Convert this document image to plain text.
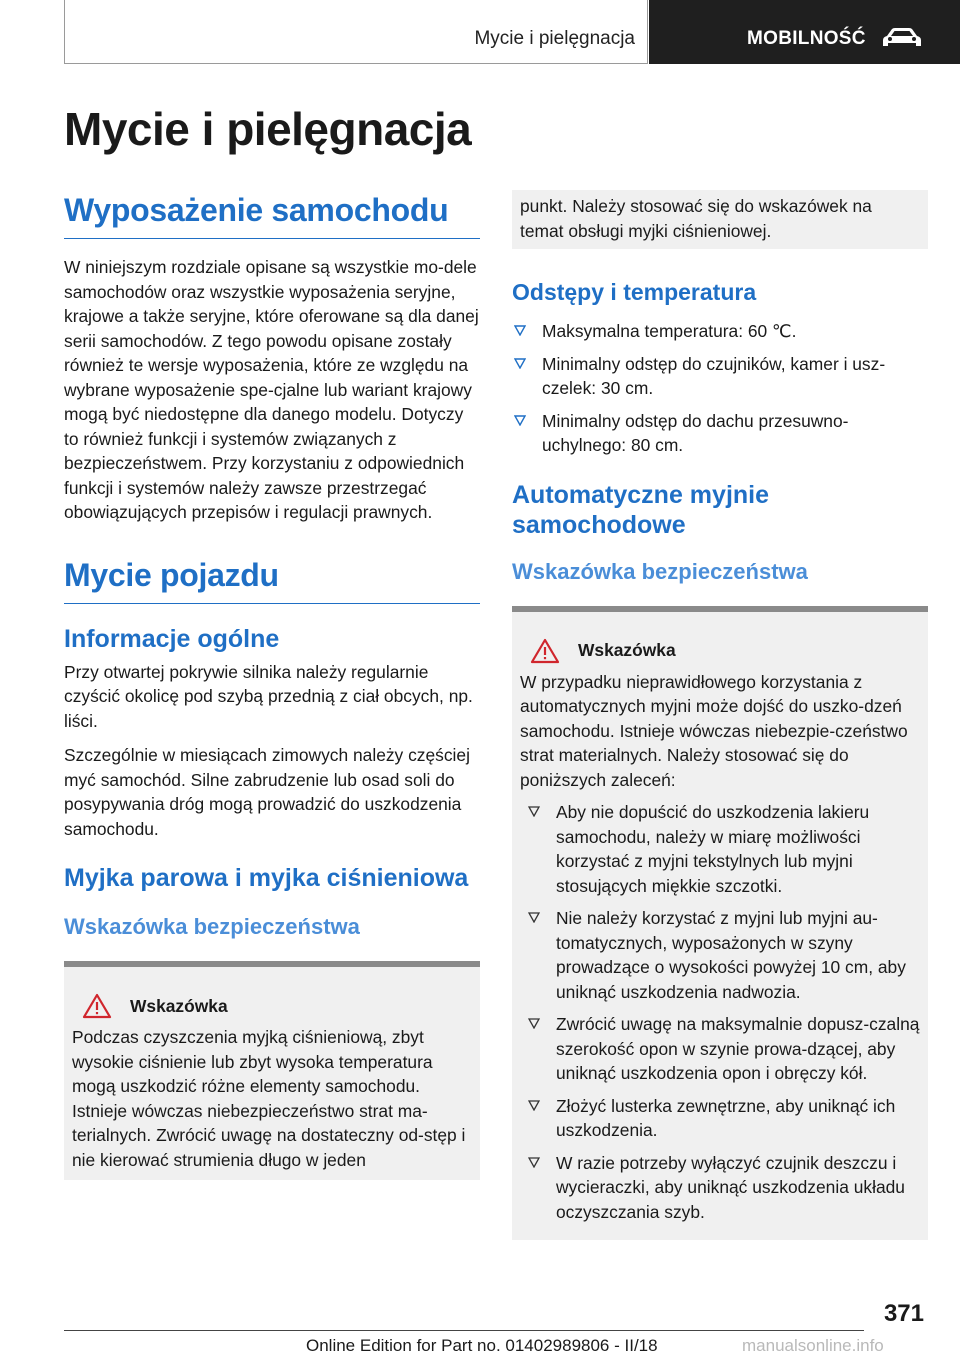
Mycie i pielęgnacja	MOBILNOŚĆ
Mycie i pielęgnacja
Wyposażenie samochodu

W niniejszym rozdziale opisane są wszystkie mo-dele samochodów oraz wszystkie wyposażenia seryjne, krajowe a także seryjne, które oferowane są dla danej serii samochodów. Z tego powodu opisane zostały również te wersje wyposażenia, które ze względu na wybrane wyposażenie spe-cjalne lub wariant krajowy mogą być niedostępne dla danego modelu. Dotyczy to również funkcji i systemów związanych z bezpieczeństwem. Przy korzystaniu z odpowiednich funkcji i systemów należy zawsze przestrzegać obowiązujących przepisów i regulacji prawnych.

Mycie pojazdu
Informacje ogólne

Przy otwartej pokrywie silnika należy regularnie czyścić okolicę pod szybą przednią z ciał obcych, np. liści.

Szczególnie w miesiącach zimowych należy częściej myć samochód. Silne zabrudzenie lub osad soli do posypywania dróg mogą prowadzić do uszkodzenia samochodu.

Myjka parowa i myjka ciśnieniowa
Wskazówka bezpieczeństwa
Wskazówka

Podczas czyszczenia myjką ciśnieniową, zbyt wysokie ciśnienie lub zbyt wysoka temperatura mogą uszkodzić różne elementy samochodu. Istnieje wówczas niebezpieczeństwo strat ma-terialnych. Zwrócić uwagę na dostateczny od-stęp i nie kierować strumienia długo w jeden

punkt. Należy stosować się do wskazówek na temat obsługi myjki ciśnieniowej.

Odstępy i temperatura
Maksymalna temperatura: 60 ℃.
Minimalny odstęp do czujników, kamer i usz-czelek: 30 cm.
Minimalny odstęp do dachu przesuwno-uchylnego: 80 cm.
Automatyczne myjnie samochodowe
Wskazówka bezpieczeństwa
Wskazówka

W przypadku nieprawidłowego korzystania z automatycznych myjni może dojść do uszko-dzeń samochodu. Istnieje wówczas niebezpie-czeństwo strat materialnych. Należy stosować się do poniższych zaleceń:

Aby nie dopuścić do uszkodzenia lakieru samochodu, należy w miarę możliwości korzystać z myjni tekstylnych lub myjni stosujących miękkie szczotki.
Nie należy korzystać z myjni lub myjni au-tomatycznych, wyposażonych w szyny prowadzące o wysokości powyżej 10 cm, aby uniknąć uszkodzenia nadwozia.
Zwrócić uwagę na maksymalnie dopusz-czalną szerokość opon w szynie prowa-dzącej, aby uniknąć uszkodzenia opon i obręczy kół.
Złożyć lusterka zewnętrzne, aby uniknąć ich uszkodzenia.
W razie potrzeby wyłączyć czujnik deszczu i wycieraczki, aby uniknąć uszkodzenia układu oczyszczania szyb.
371
Online Edition for Part no. 01402989806 - II/18	manualsonline.info
